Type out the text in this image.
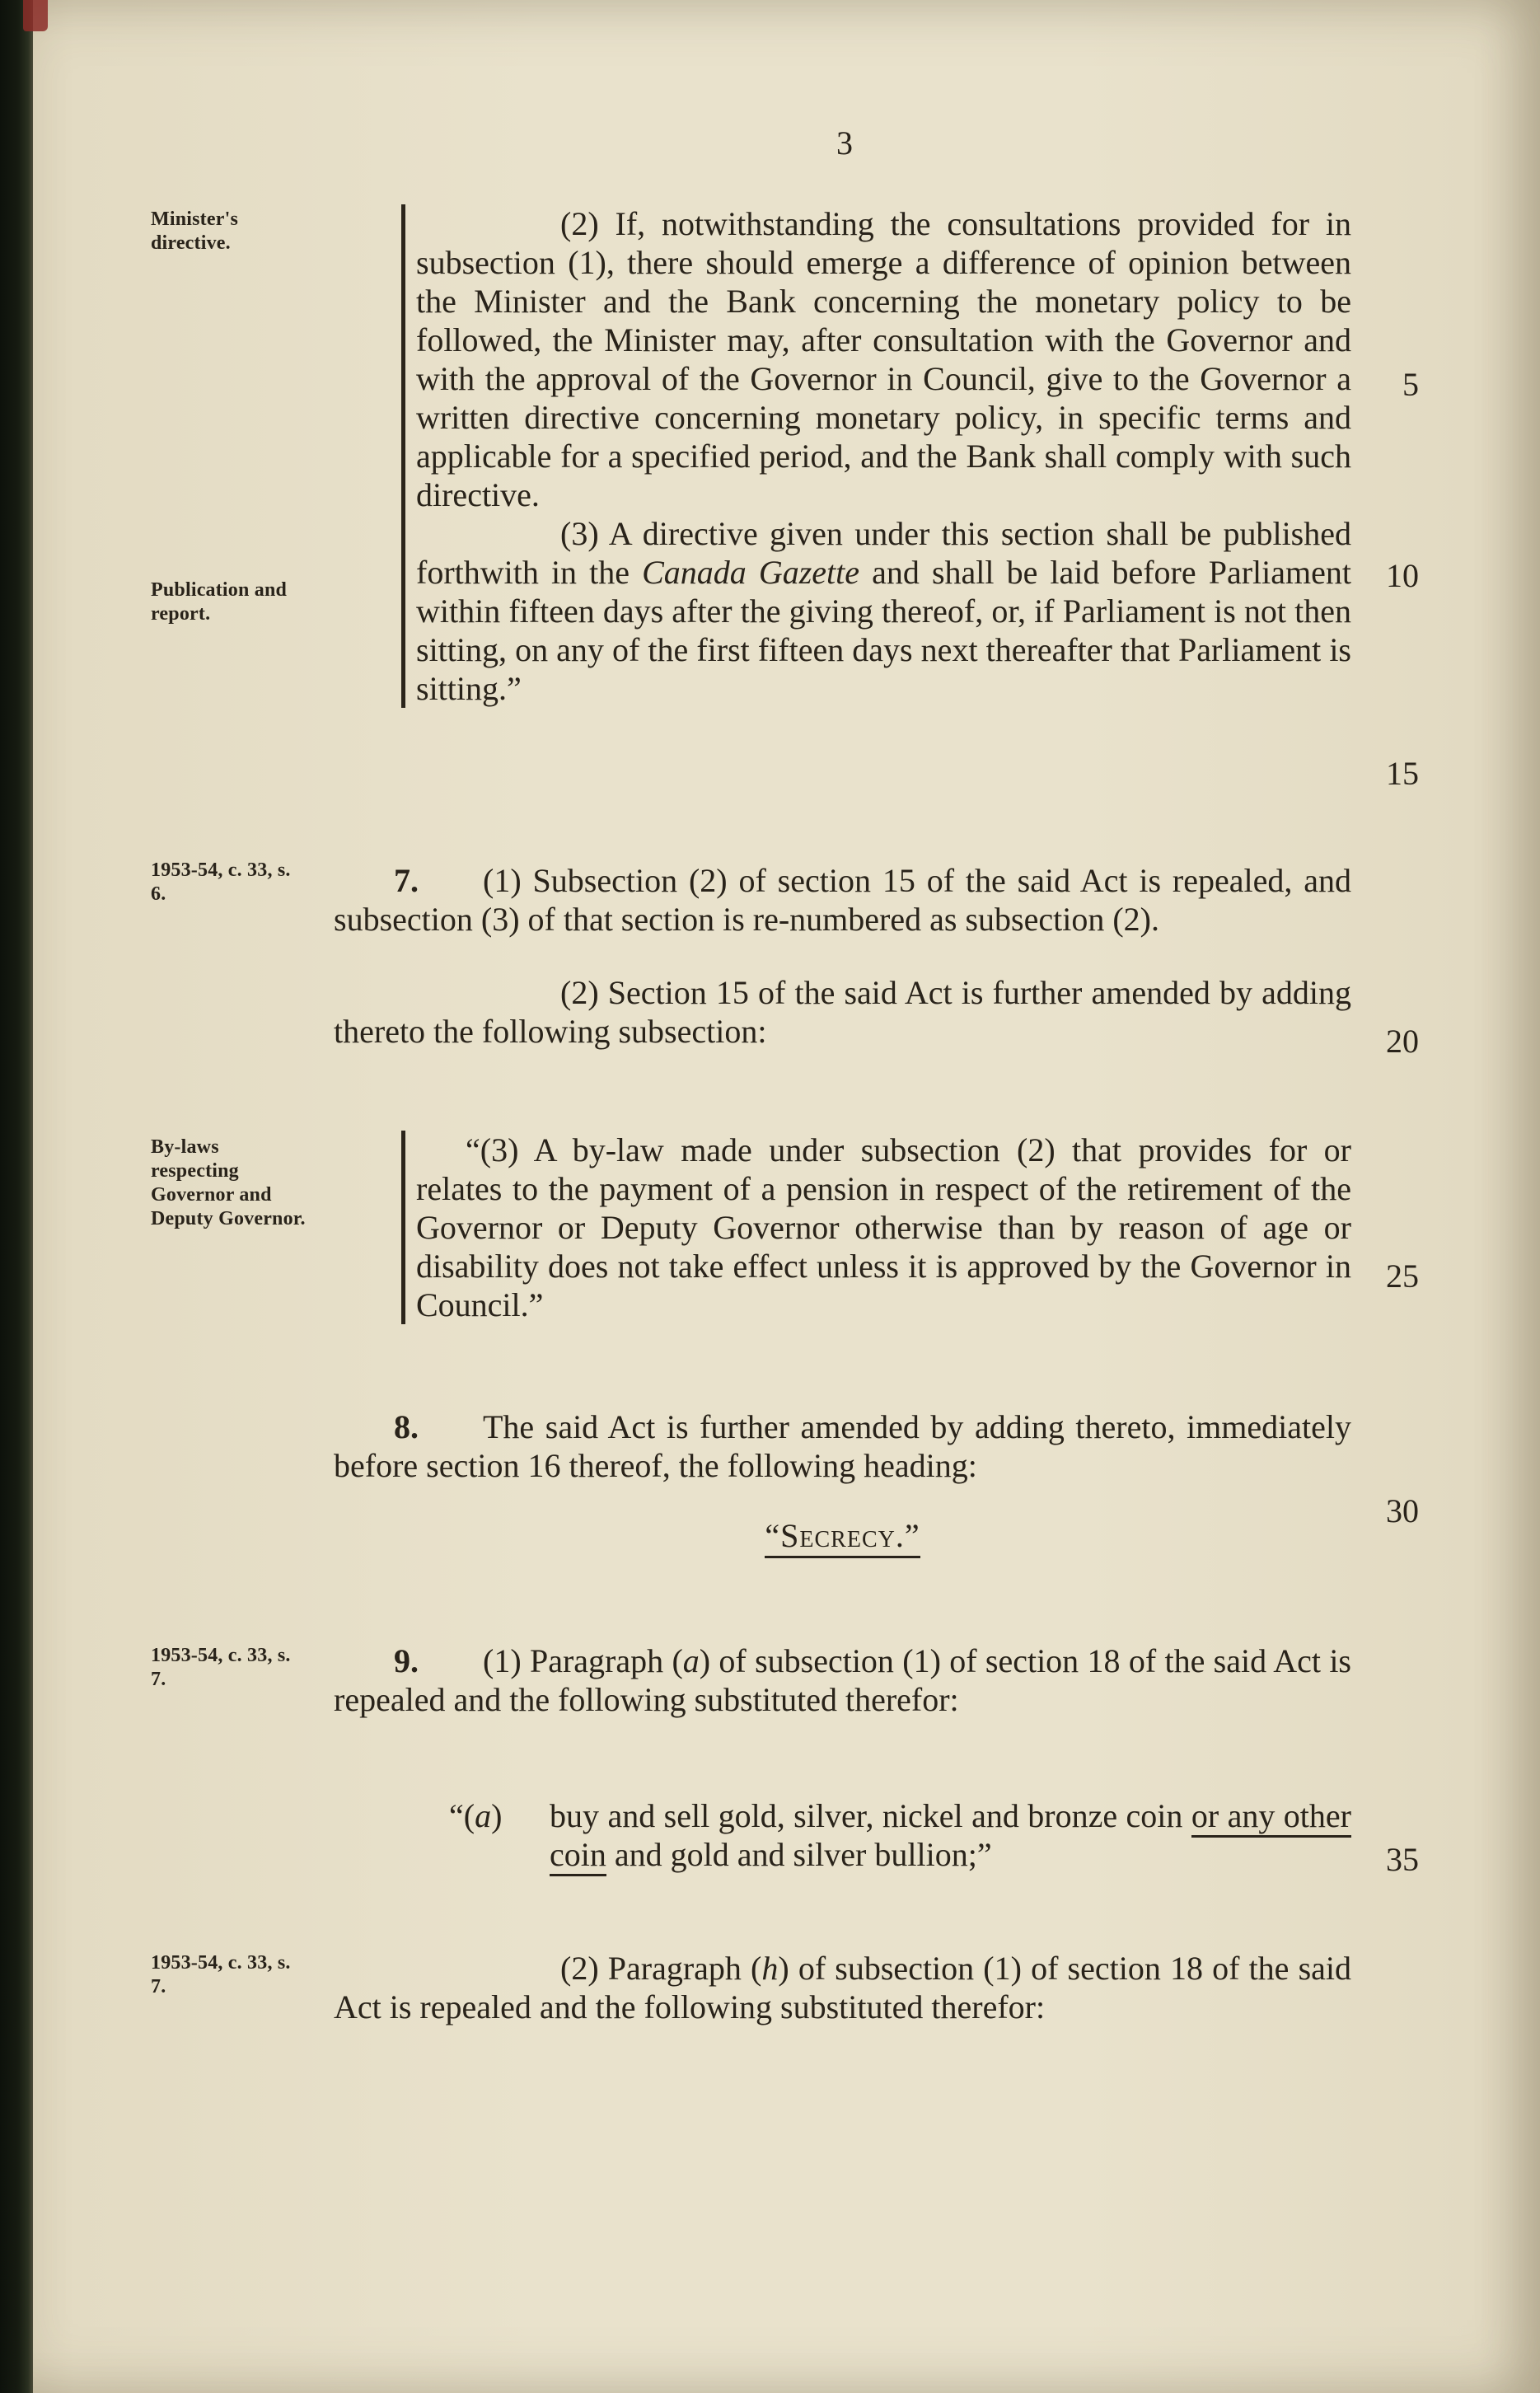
3
Minister's directive.
Publication and report.
1953-54, c. 33, s. 6.
By-laws respecting Governor and Deputy Governor.
1953-54, c. 33, s. 7.
1953-54, c. 33, s. 7.

(2) If, notwithstanding the consultations provided for in subsection (1), there should emerge a difference of opinion between the Minister and the Bank concerning the monetary policy to be followed, the Minister may, after consultation with the Governor and with the approval of the Governor in Council, give to the Governor a written directive concerning monetary policy, in specific terms and applicable for a specified period, and the Bank shall comply with such directive.

(3) A directive given under this section shall be published forthwith in the Canada Gazette and shall be laid before Parliament within fifteen days after the giving thereof, or, if Parliament is not then sitting, on any of the first fifteen days next thereafter that Parliament is sitting.”

7. (1) Subsection (2) of section 15 of the said Act is repealed, and subsection (3) of that section is re-numbered as subsection (2).

(2) Section 15 of the said Act is further amended by adding thereto the following subsection:

“(3) A by-law made under subsection (2) that provides for or relates to the payment of a pension in respect of the retirement of the Governor or Deputy Governor otherwise than by reason of age or disability does not take effect unless it is approved by the Governor in Council.”

8. The said Act is further amended by adding thereto, immediately before section 16 thereof, the following heading:

“Secrecy.”

9. (1) Paragraph (a) of subsection (1) of section 18 of the said Act is repealed and the following substituted therefor:

“(a) buy and sell gold, silver, nickel and bronze coin or any other coin and gold and silver bullion;”

(2) Paragraph (h) of subsection (1) of section 18 of the said Act is repealed and the following substituted therefor:

5
10
15
20
25
30
35
